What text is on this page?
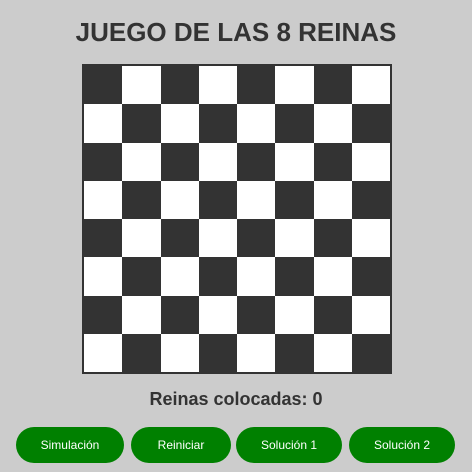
JUEGO DE LAS 8 REINAS
Reinas colocadas: 0
Simulación	Reiniciar	Solución 1	Solución 2
